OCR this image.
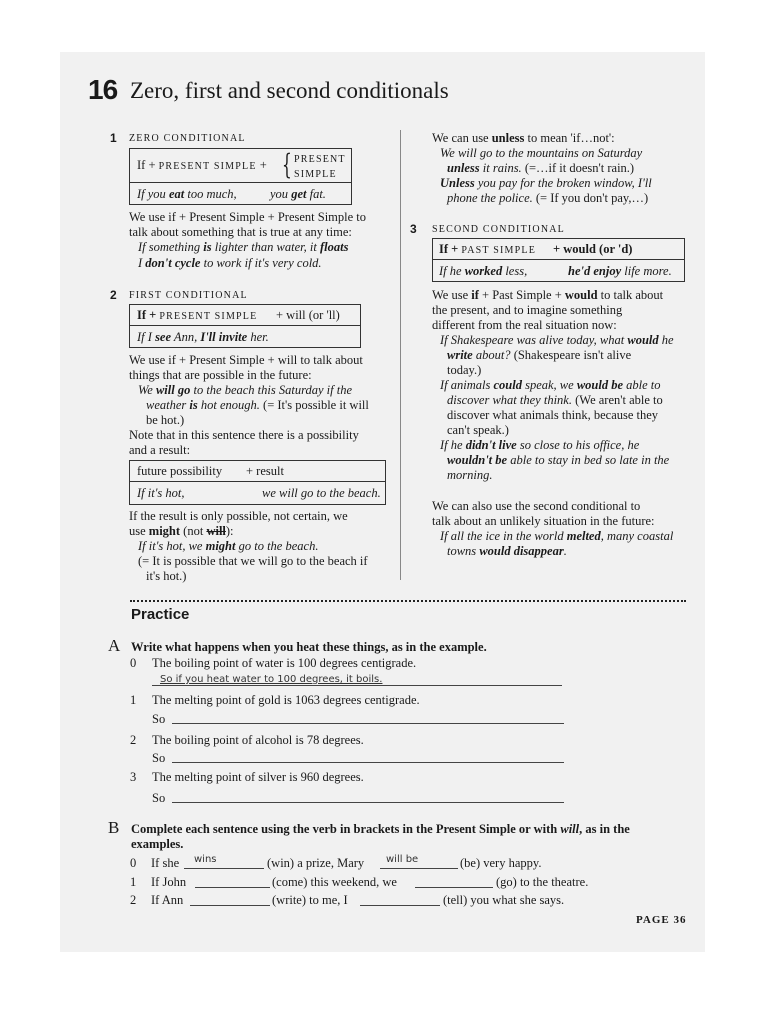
16 Zero, first and second conditionals
1 ZERO CONDITIONAL
If + PRESENT SIMPLE + { PRESENT
SIMPLE
If you eat too much,	you get fat.
We use if + Present Simple + Present Simple to
talk about something that is true at any time:
If something is lighter than water, it floats
I don't cycle to work if it's very cold.
2 FIRST CONDITIONAL
If + PRESENT SIMPLE + will (or 'll)
If I see Ann, I'll invite her.
We use if + Present Simple + will to talk about
things that are possible in the future:
We will go to the beach this Saturday if the
weather is hot enough. (= It's possible it will
be hot.)
Note that in this sentence there is a possibility
and a result:
future possibility + result
If it's hot,	we will go to the beach.
If the result is only possible, not certain, we
use might (not will):
If it's hot, we might go to the beach.
(= It is possible that we will go to the beach if
it's hot.)
We can use unless to mean 'if…not':
We will go to the mountains on Saturday
unless it rains. (=…if it doesn't rain.)
Unless you pay for the broken window, I'll
phone the police. (= If you don't pay,…)
3 SECOND CONDITIONAL
If + PAST SIMPLE + would (or 'd)
If he worked less,	he'd enjoy life more.
We use if + Past Simple + would to talk about
the present, and to imagine something
different from the real situation now:
If Shakespeare was alive today, what would he
write about? (Shakespeare isn't alive
today.)
If animals could speak, we would be able to
discover what they think. (We aren't able to
discover what animals think, because they
can't speak.)
If he didn't live so close to his office, he
wouldn't be able to stay in bed so late in the
morning.
We can also use the second conditional to
talk about an unlikely situation in the future:
If all the ice in the world melted, many coastal
towns would disappear.
Practice
A Write what happens when you heat these things, as in the example.
0 The boiling point of water is 100 degrees centigrade.
So if you heat water to 100 degrees, it boils.
1 The melting point of gold is 1063 degrees centigrade.
So
2 The boiling point of alcohol is 78 degrees.
So
3 The melting point of silver is 960 degrees.
So
B Complete each sentence using the verb in brackets in the Present Simple or with will, as in the
examples.
0 If she wins	(win) a prize, Mary will be	(be) very happy.
1 If John	(come) this weekend, we	(go) to the theatre.
2 If Ann	(write) to me, I	(tell) you what she says.
PAGE 36
